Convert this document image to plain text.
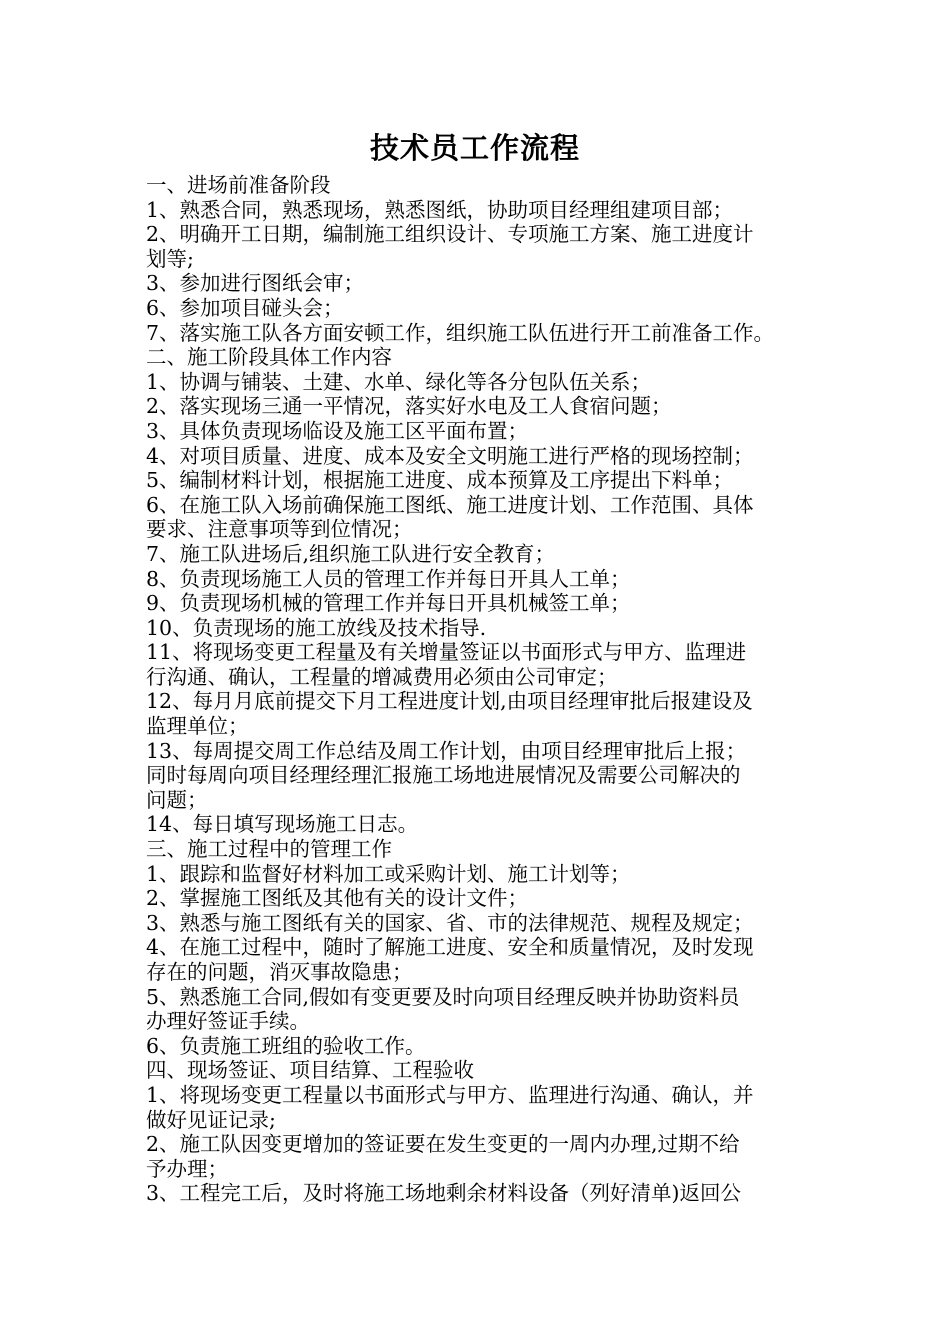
技术员工作流程

一、进场前准备阶段

1、熟悉合同，熟悉现场，熟悉图纸，协助项目经理组建项目部；

2、明确开工日期，编制施工组织设计、专项施工方案、施工进度计

划等;

3、参加进行图纸会审；

6、参加项目碰头会；

7、落实施工队各方面安顿工作，组织施工队伍进行开工前准备工作。

二、施工阶段具体工作内容

1、协调与铺装、土建、水单、绿化等各分包队伍关系；

2、落实现场三通一平情况，落实好水电及工人食宿问题；

3、具体负责现场临设及施工区平面布置；

4、对项目质量、进度、成本及安全文明施工进行严格的现场控制；

5、编制材料计划，根据施工进度、成本预算及工序提出下料单；

6、在施工队入场前确保施工图纸、施工进度计划、工作范围、具体

要求、注意事项等到位情况；

7、施工队进场后,组织施工队进行安全教育；

8、负责现场施工人员的管理工作并每日开具人工单；

9、负责现场机械的管理工作并每日开具机械签工单；

10、负责现场的施工放线及技术指导.

11、将现场变更工程量及有关增量签证以书面形式与甲方、监理进

行沟通、确认，工程量的增减费用必须由公司审定；

12、每月月底前提交下月工程进度计划,由项目经理审批后报建设及

监理单位；

13、每周提交周工作总结及周工作计划，由项目经理审批后上报；

同时每周向项目经理经理汇报施工场地进展情况及需要公司解决的

问题；

14、每日填写现场施工日志。

三、施工过程中的管理工作

1、跟踪和监督好材料加工或采购计划、施工计划等；

2、掌握施工图纸及其他有关的设计文件；

3、熟悉与施工图纸有关的国家、省、市的法律规范、规程及规定；

4、在施工过程中，随时了解施工进度、安全和质量情况，及时发现

存在的问题，消灭事故隐患；

5、熟悉施工合同,假如有变更要及时向项目经理反映并协助资料员

办理好签证手续。

6、负责施工班组的验收工作。

四、现场签证、项目结算、工程验收

1、将现场变更工程量以书面形式与甲方、监理进行沟通、确认，并

做好见证记录;

2、施工队因变更增加的签证要在发生变更的一周内办理,过期不给

予办理；

3、工程完工后，及时将施工场地剩余材料设备（列好清单)返回公
